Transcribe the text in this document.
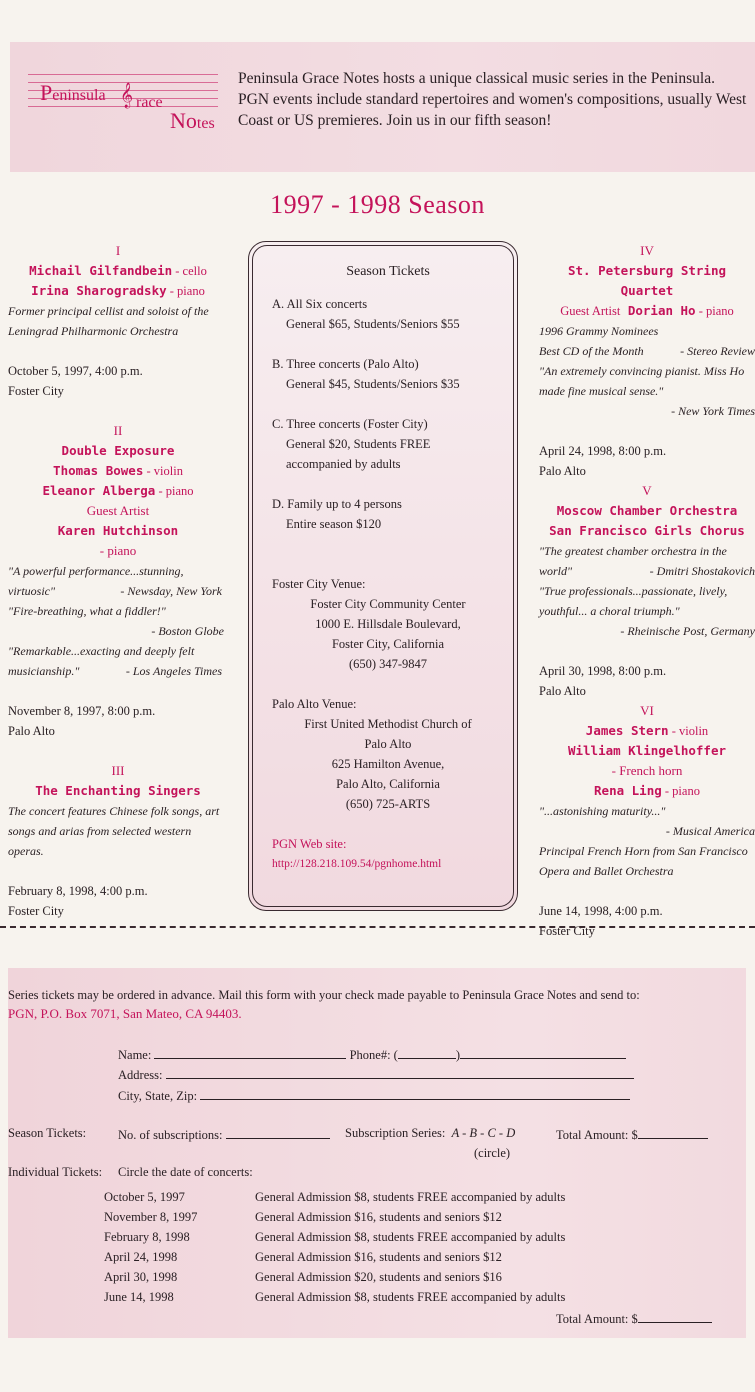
Peninsula 𝄞 race
Notes
Peninsula Grace Notes hosts a unique classical music series in the Peninsula. PGN events include standard repertoires and women's compositions, usually West Coast or US premieres. Join us in our fifth season!
1997 - 1998 Season
I
Michail Gilfandbein - cello
Irina Sharogradsky - piano
Former principal cellist and soloist of the Leningrad Philharmonic Orchestra
October 5, 1997, 4:00 p.m.
Foster City
II
Double Exposure
Thomas Bowes - violin
Eleanor Alberga - piano
Guest Artist
Karen Hutchinson
- piano
"A powerful performance...stunning,
virtuosic"	- Newsday, New York
"Fire-breathing, what a fiddler!"
- Boston Globe
"Remarkable...exacting and deeply felt
musicianship."	- Los Angeles Times
November 8, 1997, 8:00 p.m.
Palo Alto
III
The Enchanting Singers
The concert features Chinese folk songs, art songs and arias from selected western operas.
February 8, 1998, 4:00 p.m.
Foster City
Season Tickets
A. All Six concerts
General $65, Students/Seniors $55
B. Three concerts (Palo Alto)
General $45, Students/Seniors $35
C. Three concerts (Foster City)
General $20, Students FREE
accompanied by adults
D. Family up to 4 persons
Entire season $120
Foster City Venue:
Foster City Community Center
1000 E. Hillsdale Boulevard,
Foster City, California
(650) 347-9847
Palo Alto Venue:
First United Methodist Church of
Palo Alto
625 Hamilton Avenue,
Palo Alto, California
(650) 725-ARTS
PGN Web site:
http://128.218.109.54/pgnhome.html
IV
St. Petersburg String Quartet
Guest Artist Dorian Ho - piano
1996 Grammy Nominees
Best CD of the Month	- Stereo Review
"An extremely convincing pianist. Miss Ho made fine musical sense."
- New York Times
April 24, 1998, 8:00 p.m.
Palo Alto
V
Moscow Chamber Orchestra
San Francisco Girls Chorus
"The greatest chamber orchestra in the
world"	- Dmitri Shostakovich
"True professionals...passionate, lively, youthful... a choral triumph."
- Rheinische Post, Germany
April 30, 1998, 8:00 p.m.
Palo Alto
VI
James Stern - violin
William Klingelhoffer
- French horn
Rena Ling - piano
"...astonishing maturity..."
- Musical America
Principal French Horn from San Francisco Opera and Ballet Orchestra
June 14, 1998, 4:00 p.m.
Foster City
Series tickets may be ordered in advance. Mail this form with your check made payable to Peninsula Grace Notes and send to:
PGN, P.O. Box 7071, San Mateo, CA 94403.
Name:	Phone#: (	)
Address:
City, State, Zip:
Season Tickets:	No. of subscriptions:	Subscription Series: A - B - C - D
(circle)
Total Amount: $
Individual Tickets: Circle the date of concerts:
October 5, 1997	General Admission $8, students FREE accompanied by adults
November 8, 1997	General Admission $16, students and seniors $12
February 8, 1998	General Admission $8, students FREE accompanied by adults
April 24, 1998	General Admission $16, students and seniors $12
April 30, 1998	General Admission $20, students and seniors $16
June 14, 1998	General Admission $8, students FREE accompanied by adults
Total Amount: $
